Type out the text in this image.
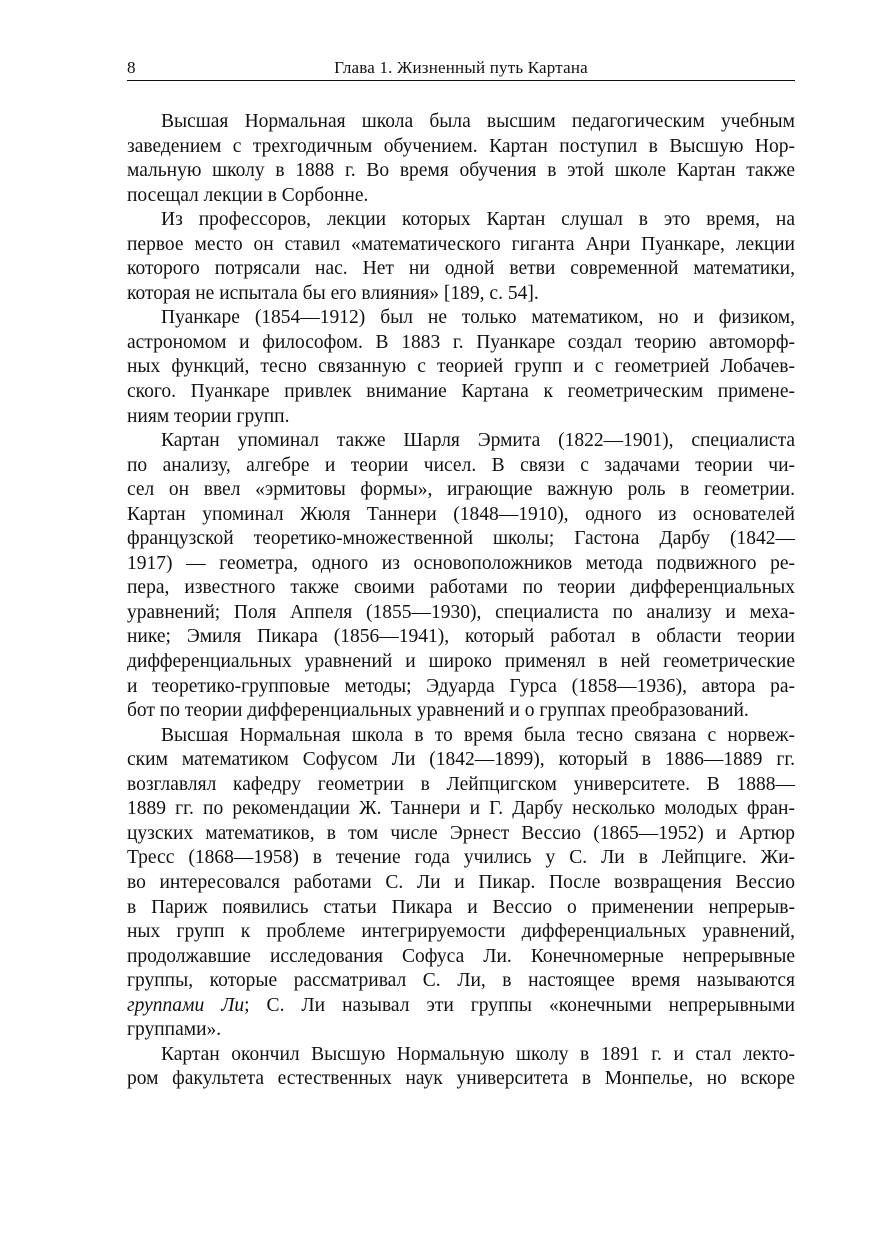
8	Глава 1. Жизненный путь Картана
Высшая Нормальная школа была высшим педагогическим учебным
заведением с трехгодичным обучением. Картан поступил в Высшую Нор-
мальную школу в 1888 г. Во время обучения в этой школе Картан также
посещал лекции в Сорбонне.
Из профессоров, лекции которых Картан слушал в это время, на
первое место он ставил «математического гиганта Анри Пуанкаре, лекции
которого потрясали нас. Нет ни одной ветви современной математики,
которая не испытала бы его влияния» [189, с. 54].
Пуанкаре (1854—1912) был не только математиком, но и физиком,
астрономом и философом. В 1883 г. Пуанкаре создал теорию автоморф-
ных функций, тесно связанную с теорией групп и с геометрией Лобачев-
ского. Пуанкаре привлек внимание Картана к геометрическим примене-
ниям теории групп.
Картан упоминал также Шарля Эрмита (1822—1901), специалиста
по анализу, алгебре и теории чисел. В связи с задачами теории чи-
сел он ввел «эрмитовы формы», играющие важную роль в геометрии.
Картан упоминал Жюля Таннери (1848—1910), одного из основателей
французской теоретико-множественной школы; Гастона Дарбу (1842—
1917) — геометра, одного из основоположников метода подвижного ре-
пера, известного также своими работами по теории дифференциальных
уравнений; Поля Аппеля (1855—1930), специалиста по анализу и меха-
нике; Эмиля Пикара (1856—1941), который работал в области теории
дифференциальных уравнений и широко применял в ней геометрические
и теоретико-групповые методы; Эдуарда Гурса (1858—1936), автора ра-
бот по теории дифференциальных уравнений и о группах преобразований.
Высшая Нормальная школа в то время была тесно связана с норвеж-
ским математиком Софусом Ли (1842—1899), который в 1886—1889 гг.
возглавлял кафедру геометрии в Лейпцигском университете. В 1888—
1889 гг. по рекомендации Ж. Таннери и Г. Дарбу несколько молодых фран-
цузских математиков, в том числе Эрнест Вессио (1865—1952) и Артюр
Тресс (1868—1958) в течение года учились у С. Ли в Лейпциге. Жи-
во интересовался работами С. Ли и Пикар. После возвращения Вессио
в Париж появились статьи Пикара и Вессио о применении непрерыв-
ных групп к проблеме интегрируемости дифференциальных уравнений,
продолжавшие исследования Софуса Ли. Конечномерные непрерывные
группы, которые рассматривал С. Ли, в настоящее время называются
группами Ли; С. Ли называл эти группы «конечными непрерывными
группами».
Картан окончил Высшую Нормальную школу в 1891 г. и стал лекто-
ром факультета естественных наук университета в Монпелье, но вскоре
